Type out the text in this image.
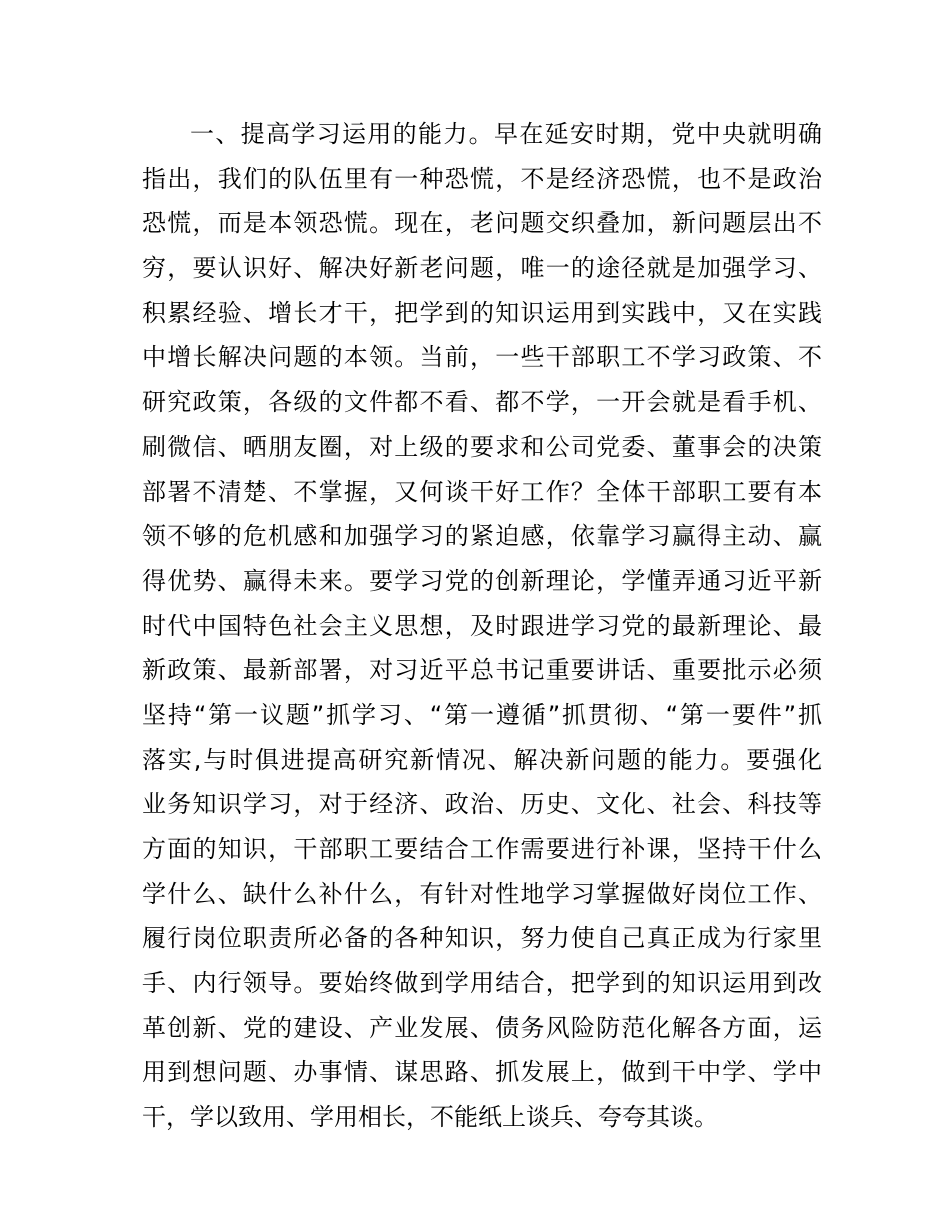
一、提高学习运用的能力。早在延安时期，党中央就明确
指出，我们的队伍里有一种恐慌，不是经济恐慌，也不是政治
恐慌，而是本领恐慌。现在，老问题交织叠加，新问题层出不
穷，要认识好、解决好新老问题，唯一的途径就是加强学习、
积累经验、增长才干，把学到的知识运用到实践中，又在实践
中增长解决问题的本领。当前，一些干部职工不学习政策、不
研究政策，各级的文件都不看、都不学，一开会就是看手机、
刷微信、晒朋友圈，对上级的要求和公司党委、董事会的决策
部署不清楚、不掌握，又何谈干好工作？全体干部职工要有本
领不够的危机感和加强学习的紧迫感，依靠学习赢得主动、赢
得优势、赢得未来。要学习党的创新理论，学懂弄通习近平新
时代中国特色社会主义思想，及时跟进学习党的最新理论、最
新政策、最新部署，对习近平总书记重要讲话、重要批示必须
坚持“第一议题”抓学习、“第一遵循”抓贯彻、“第一要件”抓
落实,与时俱进提高研究新情况、解决新问题的能力。要强化
业务知识学习，对于经济、政治、历史、文化、社会、科技等
方面的知识，干部职工要结合工作需要进行补课，坚持干什么
学什么、缺什么补什么，有针对性地学习掌握做好岗位工作、
履行岗位职责所必备的各种知识，努力使自己真正成为行家里
手、内行领导。要始终做到学用结合，把学到的知识运用到改
革创新、党的建设、产业发展、债务风险防范化解各方面，运
用到想问题、办事情、谋思路、抓发展上，做到干中学、学中
干，学以致用、学用相长，不能纸上谈兵、夸夸其谈。
